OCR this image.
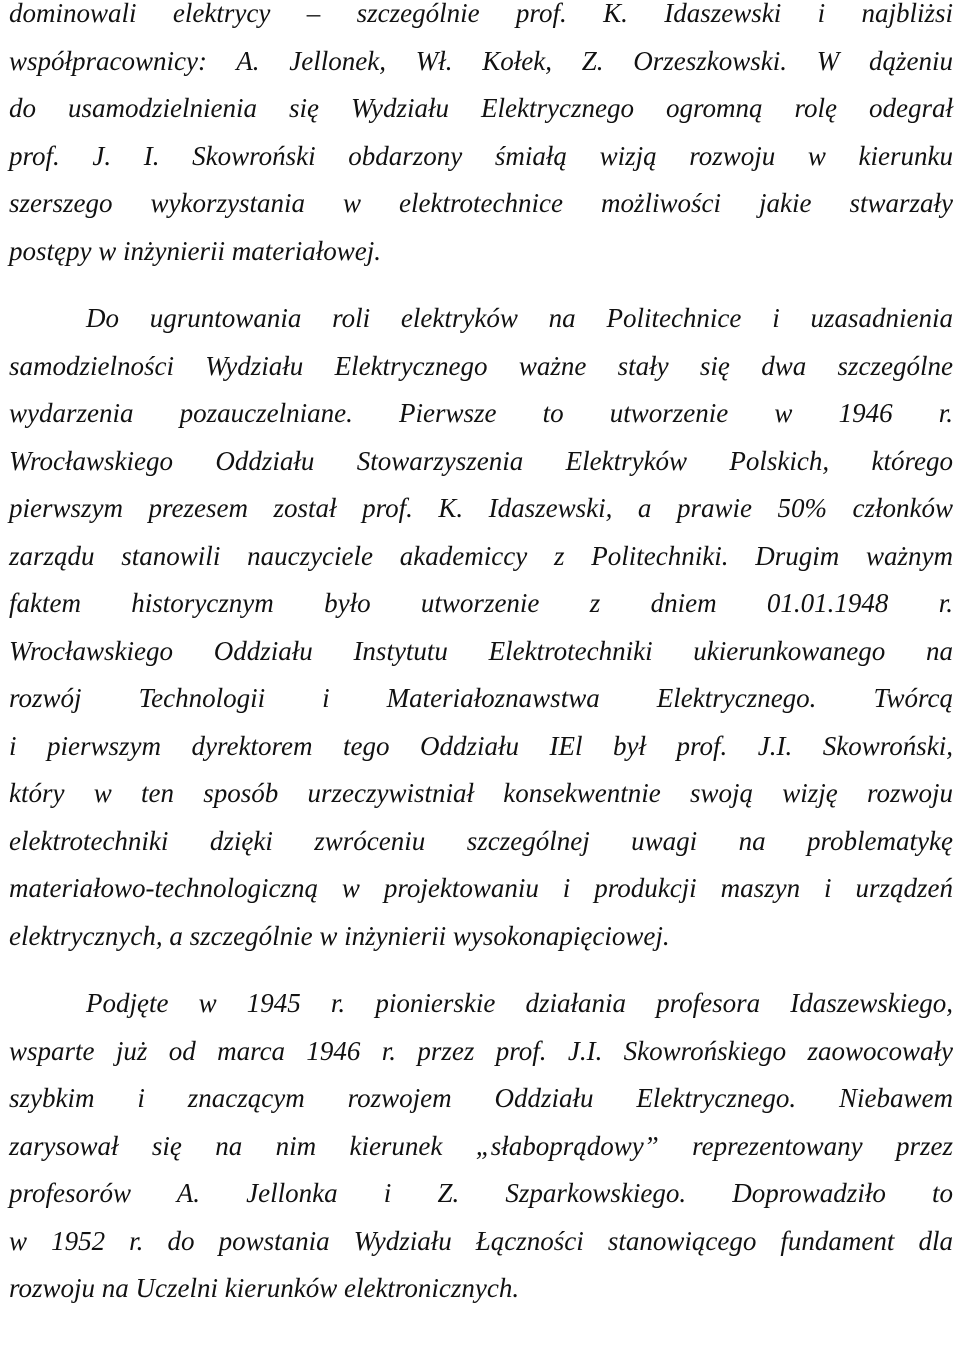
dominowali elektrycy – szczególnie prof. K. Idaszewski i najbliżsi
współpracownicy: A. Jellonek, Wł. Kołek, Z. Orzeszkowski. W dążeniu
do usamodzielnienia się Wydziału Elektrycznego ogromną rolę odegrał
prof. J. I. Skowroński obdarzony śmiałą wizją rozwoju w kierunku
szerszego wykorzystania w elektrotechnice możliwości jakie stwarzały
postępy w inżynierii materiałowej.
Do ugruntowania roli elektryków na Politechnice i uzasadnienia
samodzielności Wydziału Elektrycznego ważne stały się dwa szczególne
wydarzenia pozauczelniane. Pierwsze to utworzenie w 1946 r.
Wrocławskiego Oddziału Stowarzyszenia Elektryków Polskich, którego
pierwszym prezesem został prof. K. Idaszewski, a prawie 50% członków
zarządu stanowili nauczyciele akademiccy z Politechniki. Drugim ważnym
faktem historycznym było utworzenie z dniem 01.01.1948 r.
Wrocławskiego Oddziału Instytutu Elektrotechniki ukierunkowanego na
rozwój Technologii i Materiałoznawstwa Elektrycznego. Twórcą
i pierwszym dyrektorem tego Oddziału IEl był prof. J.I. Skowroński,
który w ten sposób urzeczywistniał konsekwentnie swoją wizję rozwoju
elektrotechniki dzięki zwróceniu szczególnej uwagi na problematykę
materiałowo-technologiczną w projektowaniu i produkcji maszyn i urządzeń
elektrycznych, a szczególnie w inżynierii wysokonapięciowej.
Podjęte w 1945 r. pionierskie działania profesora Idaszewskiego,
wsparte już od marca 1946 r. przez prof. J.I. Skowrońskiego zaowocowały
szybkim i znaczącym rozwojem Oddziału Elektrycznego. Niebawem
zarysował się na nim kierunek „słaboprądowy” reprezentowany przez
profesorów A. Jellonka i Z. Szparkowskiego. Doprowadziło to
w 1952 r. do powstania Wydziału Łączności stanowiącego fundament dla
rozwoju na Uczelni kierunków elektronicznych.
